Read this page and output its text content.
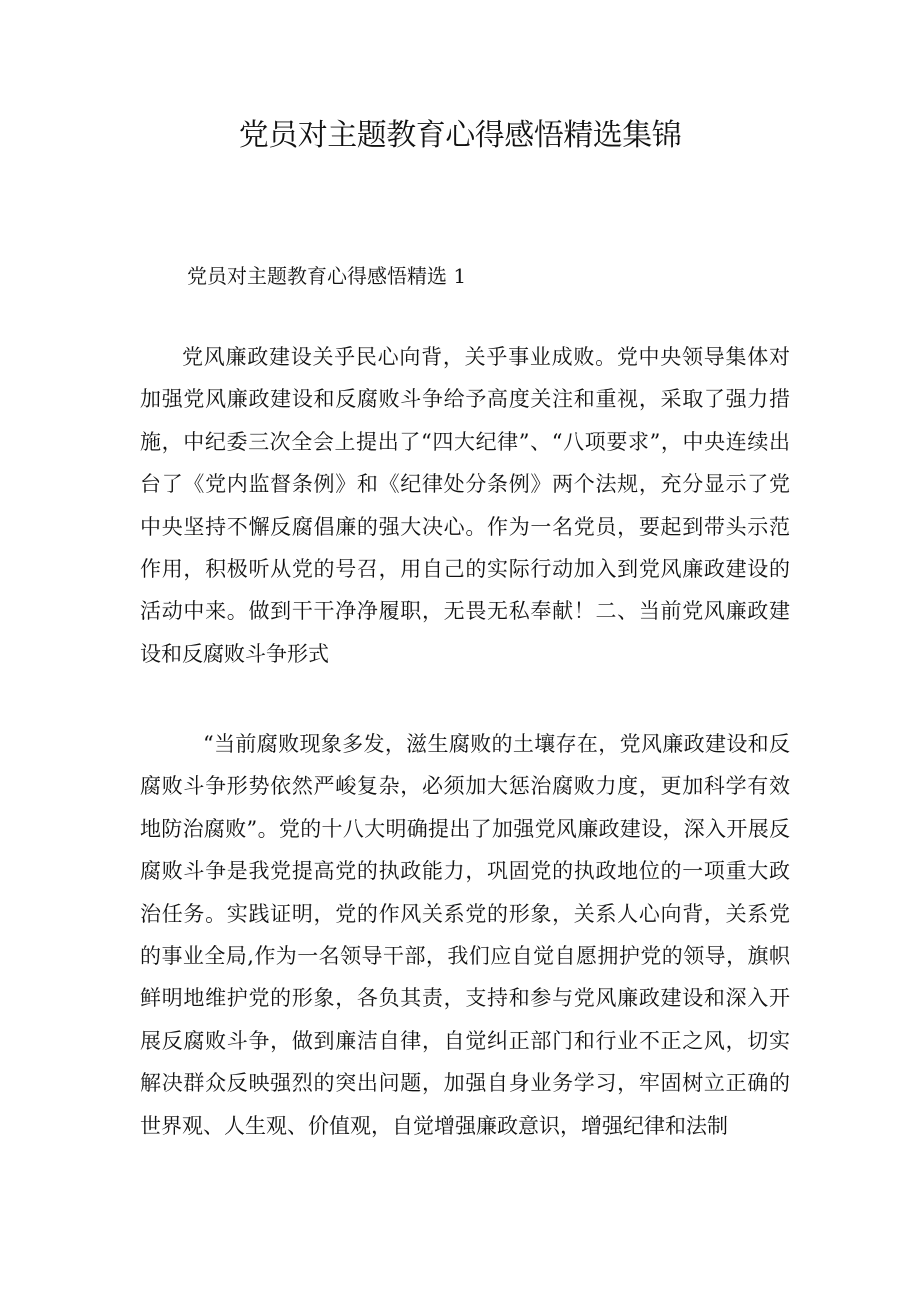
党员对主题教育心得感悟精选集锦
党员对主题教育心得感悟精选 1

党风廉政建设关乎民心向背，关乎事业成败。党中央领导集体对加强党风廉政建设和反腐败斗争给予高度关注和重视，采取了强力措施，中纪委三次全会上提出了“四大纪律”、“八项要求”，中央连续出台了《党内监督条例》和《纪律处分条例》两个法规，充分显示了党中央坚持不懈反腐倡廉的强大决心。作为一名党员，要起到带头示范作用，积极听从党的号召，用自己的实际行动加入到党风廉政建设的活动中来。做到干干净净履职，无畏无私奉献！二、当前党风廉政建设和反腐败斗争形式

“当前腐败现象多发，滋生腐败的土壤存在，党风廉政建设和反腐败斗争形势依然严峻复杂，必须加大惩治腐败力度，更加科学有效地防治腐败”。党的十八大明确提出了加强党风廉政建设，深入开展反腐败斗争是我党提高党的执政能力，巩固党的执政地位的一项重大政治任务。实践证明，党的作风关系党的形象，关系人心向背，关系党的事业全局,作为一名领导干部，我们应自觉自愿拥护党的领导，旗帜鲜明地维护党的形象，各负其责，支持和参与党风廉政建设和深入开展反腐败斗争，做到廉洁自律，自觉纠正部门和行业不正之风，切实解决群众反映强烈的突出问题，加强自身业务学习，牢固树立正确的世界观、人生观、价值观，自觉增强廉政意识，增强纪律和法制
